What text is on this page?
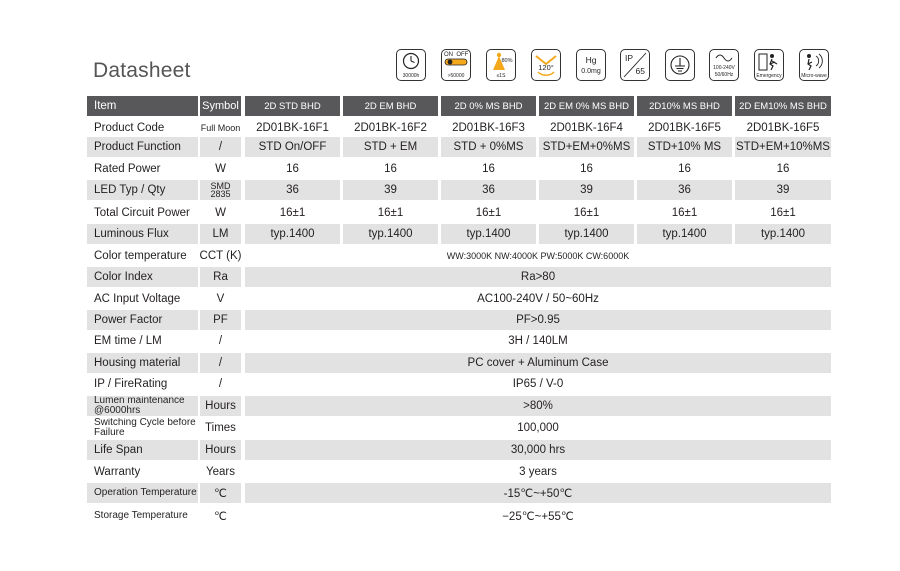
Datasheet	30000h
ON OFF
>50000
80%
≤1S
120°
Hg
0.0mg
IP
65	100-240V
50/60Hz	Emergency	Micro-wave
Item	Symbol	2D STD BHD	2D EM BHD	2D 0% MS BHD	2D EM 0% MS BHD	2D10% MS BHD	2D EM10% MS BHD
Product Code	Full Moon	2D01BK-16F1	2D01BK-16F2	2D01BK-16F3	2D01BK-16F4	2D01BK-16F5	2D01BK-16F5
Product Function	/	STD On/OFF	STD + EM	STD + 0%MS	STD+EM+0%MS	STD+10% MS	STD+EM+10%MS
Rated Power	W	16	16	16	16	16	16
LED Typ / Qty	SMD 2835	36	39	36	39	36	39
Total Circuit Power	W	16±1	16±1	16±1	16±1	16±1	16±1
Luminous Flux	LM	typ.1400	typ.1400	typ.1400	typ.1400	typ.1400	typ.1400
Color temperature	CCT (K)	WW:3000K NW:4000K PW:5000K CW:6000K
Color Index	Ra	Ra>80
AC Input Voltage	V	AC100-240V / 50~60Hz
Power Factor	PF	PF>0.95
EM time / LM	/	3H / 140LM
Housing material	/	PC cover + Aluminum Case
IP / FireRating	/	IP65 / V-0
Lumen maintenance @6000hrs	Hours	>80%
Switching Cycle before Failure	Times	100,000
Life Span	Hours	30,000 hrs
Warranty	Years	3 years
Operation Temperature	℃	-15℃~+50℃
Storage Temperature	℃	−25℃~+55℃
